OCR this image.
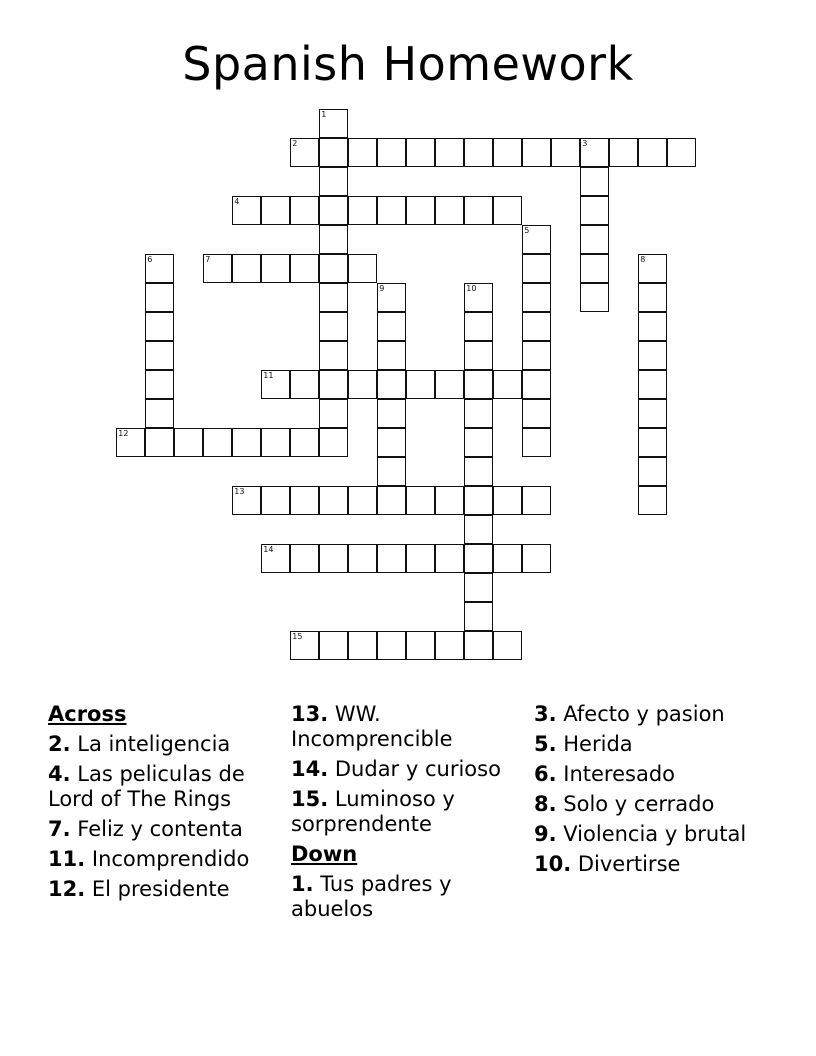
Spanish Homework
1
2	3
4
5
6	7	8
9	10
11
12
13
14
15
Across
2. La inteligencia
4. Las peliculas de Lord of The Rings
7. Feliz y contenta
11. Incomprendido
12. El presidente
13. WW. Incomprencible
14. Dudar y curioso
15. Luminoso y sorprendente
Down
1. Tus padres y abuelos
3. Afecto y pasion
5. Herida
6. Interesado
8. Solo y cerrado
9. Violencia y brutal
10. Divertirse
